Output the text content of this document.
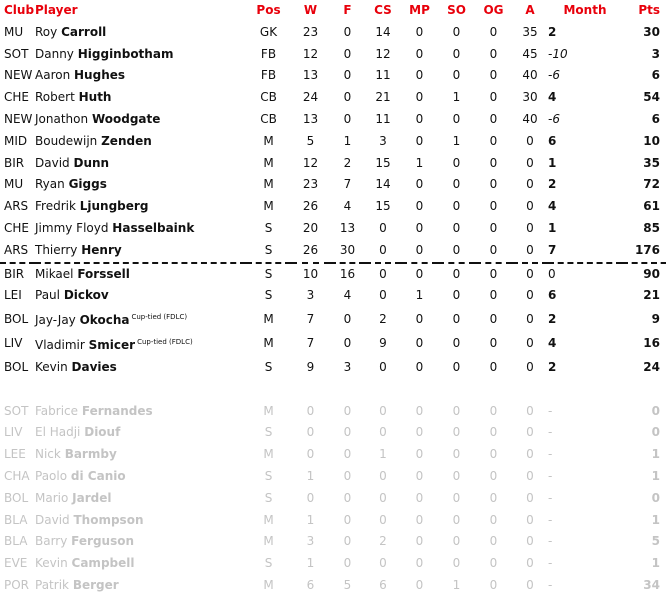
Club	Player	Pos	W	F	CS	MP	SO	OG	A	Month	Pts
MU	Roy Carroll	GK	23	0	14	0	0	0	35	2	30
SOT	Danny Higginbotham	FB	12	0	12	0	0	0	45	-10	3
NEW	Aaron Hughes	FB	13	0	11	0	0	0	40	-6	6
CHE	Robert Huth	CB	24	0	21	0	1	0	30	4	54
NEW	Jonathon Woodgate	CB	13	0	11	0	0	0	40	-6	6
MID	Boudewijn Zenden	M	5	1	3	0	1	0	0	6	10
BIR	David Dunn	M	12	2	15	1	0	0	0	1	35
MU	Ryan Giggs	M	23	7	14	0	0	0	0	2	72
ARS	Fredrik Ljungberg	M	26	4	15	0	0	0	0	4	61
CHE	Jimmy Floyd Hasselbaink	S	20	13	0	0	0	0	0	1	85
ARS	Thierry Henry	S	26	30	0	0	0	0	0	7	176
BIR	Mikael Forssell	S	10	16	0	0	0	0	0	0	90
LEI	Paul Dickov	S	3	4	0	1	0	0	0	6	21
BOL	Jay-Jay Okocha $^{Cup-tied (FDLC)}$	M	7	0	2	0	0	0	0	2	9
LIV	Vladimir Smicer $^{Cup-tied (FDLC)}$	M	7	0	9	0	0	0	0	4	16
BOL	Kevin Davies	S	9	3	0	0	0	0	0	2	24

SOT	Fabrice Fernandes	M	0	0	0	0	0	0	0	-	0
LIV	El Hadji Diouf	S	0	0	0	0	0	0	0	-	0
LEE	Nick Barmby	M	0	0	1	0	0	0	0	-	1
CHA	Paolo di Canio	S	1	0	0	0	0	0	0	-	1
BOL	Mario Jardel	S	0	0	0	0	0	0	0	-	0
BLA	David Thompson	M	1	0	0	0	0	0	0	-	1
BLA	Barry Ferguson	M	3	0	2	0	0	0	0	-	5
EVE	Kevin Campbell	S	1	0	0	0	0	0	0	-	1
POR	Patrik Berger	M	6	5	6	0	1	0	0	-	34
